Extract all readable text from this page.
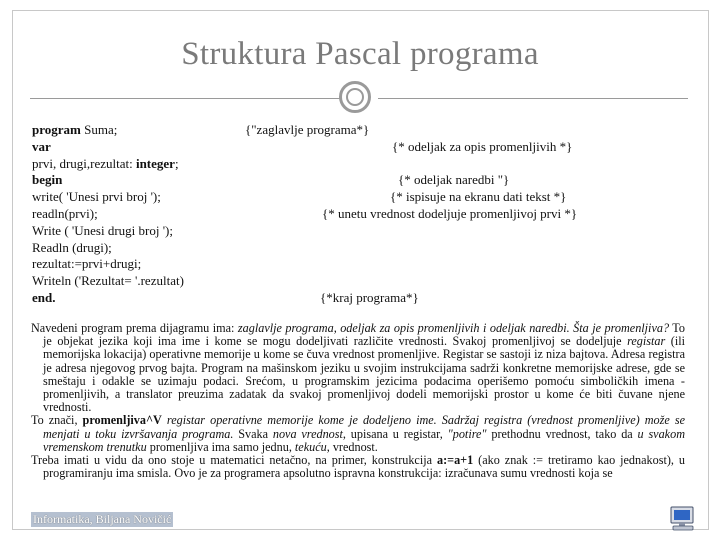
Struktura Pascal programa
program Suma;	{"zaglavlje programa*}
var	{* odeljak za opis promenljivih *}
prvi, drugi,rezultat: integer;
begin	{* odeljak naredbi "}
write( 'Unesi prvi broj ');	{* ispisuje na ekranu dati tekst *}
readln(prvi);	{* unetu vrednost dodeljuje promenljivoj prvi *}
Write ( 'Unesi drugi broj ');
Readln (drugi);
rezultat:=prvi+drugi;
Writeln ('Rezultat= '.rezultat)
end.	{*kraj programa*}

Navedeni program prema dijagramu ima: zaglavlje programa, odeljak za opis promenljivih i odeljak naredbi. Šta je promenljiva? To je objekat jezika koji ima ime i kome se mogu dodeljivati različite vrednosti. Svakoj promenljivoj se dodeljuje registar (ili memorijska lokacija) operativne memorije u kome se čuva vrednost promenljive. Registar se sastoji iz niza bajtova. Adresa registra je adresa njegovog prvog bajta. Program na mašinskom jeziku u svojim instrukcijama sadrži konkretne memorijske adrese, gde se smeštaju i odakle se uzimaju podaci. Srećom, u programskim jezicima podacima operišemo pomoću simboličkih imena -promenljivih, a translator preuzima zadatak da svakoj promenljivoj dodeli memorijski prostor u kome će biti čuvane njene vrednosti.

To znači, promenljiva^V registar operativne memorije kome je dodeljeno ime. Sadržaj registra (vrednost promenljive) može se menjati u toku izvršavanja programa. Svaka nova vrednost, upisana u registar, "potire" prethodnu vrednost, tako da u svakom vremenskom trenutku promenljiva ima samo jednu, tekuću, vrednost.

Treba imati u vidu da ono stoje u matematici netačno, na primer, konstrukcija a:=a+1 (ako znak := tretiramo kao jednakost), u programiranju ima smisla. Ovo je za programera apsolutno ispravna konstrukcija: izračunava sumu vrednosti koja se

Informatika, Biljana Novičić
